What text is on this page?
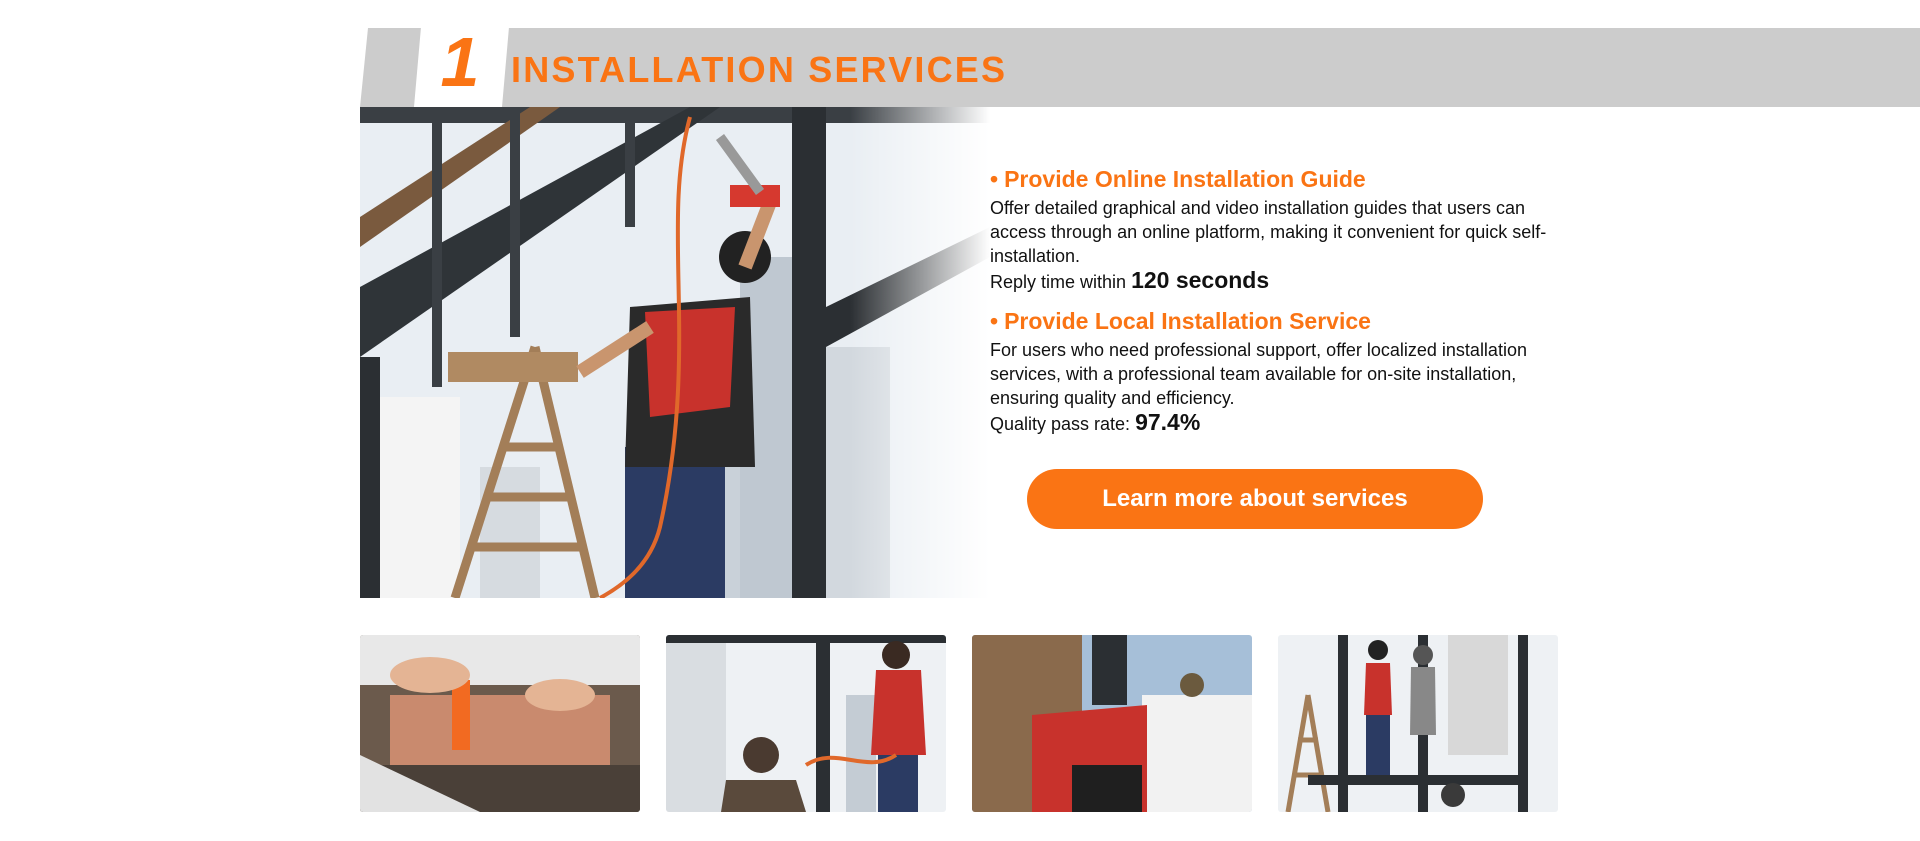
1 INSTALLATION SERVICES
• Provide Online Installation Guide

Offer detailed graphical and video installation guides that users can access through an online platform, making it convenient for quick self-installation.

Reply time within 120 seconds
• Provide Local Installation Service

For users who need professional support, offer localized installation services, with a professional team available for on-site installation, ensuring quality and efficiency.

Quality pass rate: 97.4%
Learn more about services
